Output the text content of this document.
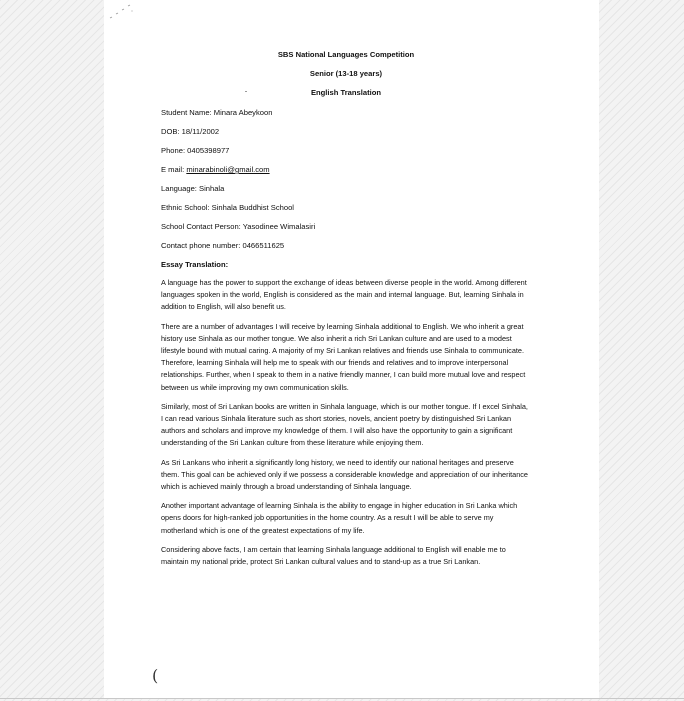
SBS National Languages Competition
Senior (13-18 years)
English Translation
Student Name: Minara Abeykoon
DOB: 18/11/2002
Phone: 0405398977
E mail: minarabinoli@gmail.com
Language: Sinhala
Ethnic School: Sinhala Buddhist School
School Contact Person: Yasodinee Wimalasiri
Contact phone number: 0466511625
Essay Translation:

A language has the power to support the exchange of ideas between diverse people in the world. Among different languages spoken in the world, English is considered as the main and internal language. But, learning Sinhala in addition to English, will also benefit us.

There are a number of advantages I will receive by learning Sinhala additional to English. We who inherit a great history use Sinhala as our mother tongue. We also inherit a rich Sri Lankan culture and are used to a modest lifestyle bound with mutual caring. A majority of my Sri Lankan relatives and friends use Sinhala to communicate. Therefore, learning Sinhala will help me to speak with our friends and relatives and to improve interpersonal relationships. Further, when I speak to them in a native friendly manner, I can build more mutual love and respect between us while improving my own communication skills.

Similarly, most of Sri Lankan books are written in Sinhala language, which is our mother tongue. If I excel Sinhala, I can read various Sinhala literature such as short stories, novels, ancient poetry by distinguished Sri Lankan authors and scholars and improve my knowledge of them. I will also have the opportunity to gain a significant understanding of the Sri Lankan culture from these literature while enjoying them.

As Sri Lankans who inherit a significantly long history, we need to identify our national heritages and preserve them. This goal can be achieved only if we possess a considerable knowledge and appreciation of our inheritance which is achieved mainly through a broad understanding of Sinhala language.

Another important advantage of learning Sinhala is the ability to engage in higher education in Sri Lanka which opens doors for high-ranked job opportunities in the home country. As a result I will be able to serve my motherland which is one of the greatest expectations of my life.

Considering above facts, I am certain that learning Sinhala language additional to English will enable me to maintain my national pride, protect Sri Lankan cultural values and to stand-up as a true Sri Lankan.

(
